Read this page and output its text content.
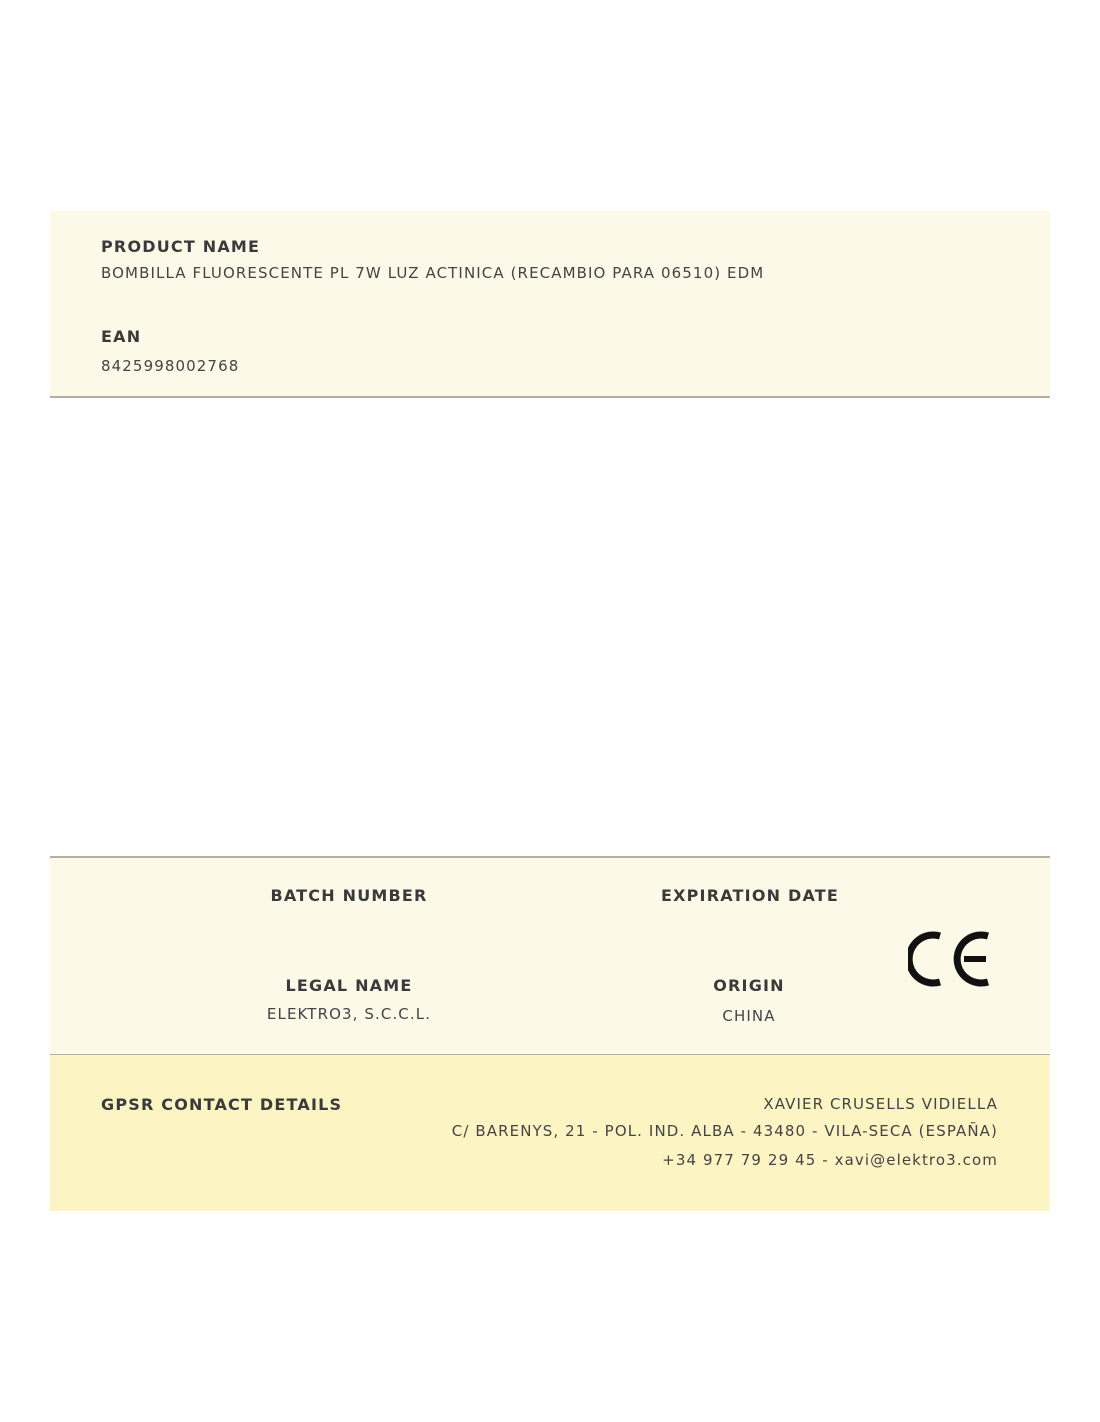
PRODUCT NAME
BOMBILLA FLUORESCENTE PL 7W LUZ ACTINICA (RECAMBIO PARA 06510) EDM
EAN
8425998002768
BATCH NUMBER	EXPIRATION DATE
LEGAL NAME
ELEKTRO3, S.C.C.L.
ORIGIN
CHINA
GPSR CONTACT DETAILS	XAVIER CRUSELLS VIDIELLA
C/ BARENYS, 21 - POL. IND. ALBA - 43480 - VILA-SECA (ESPAÑA)
+34 977 79 29 45 - xavi@elektro3.com
